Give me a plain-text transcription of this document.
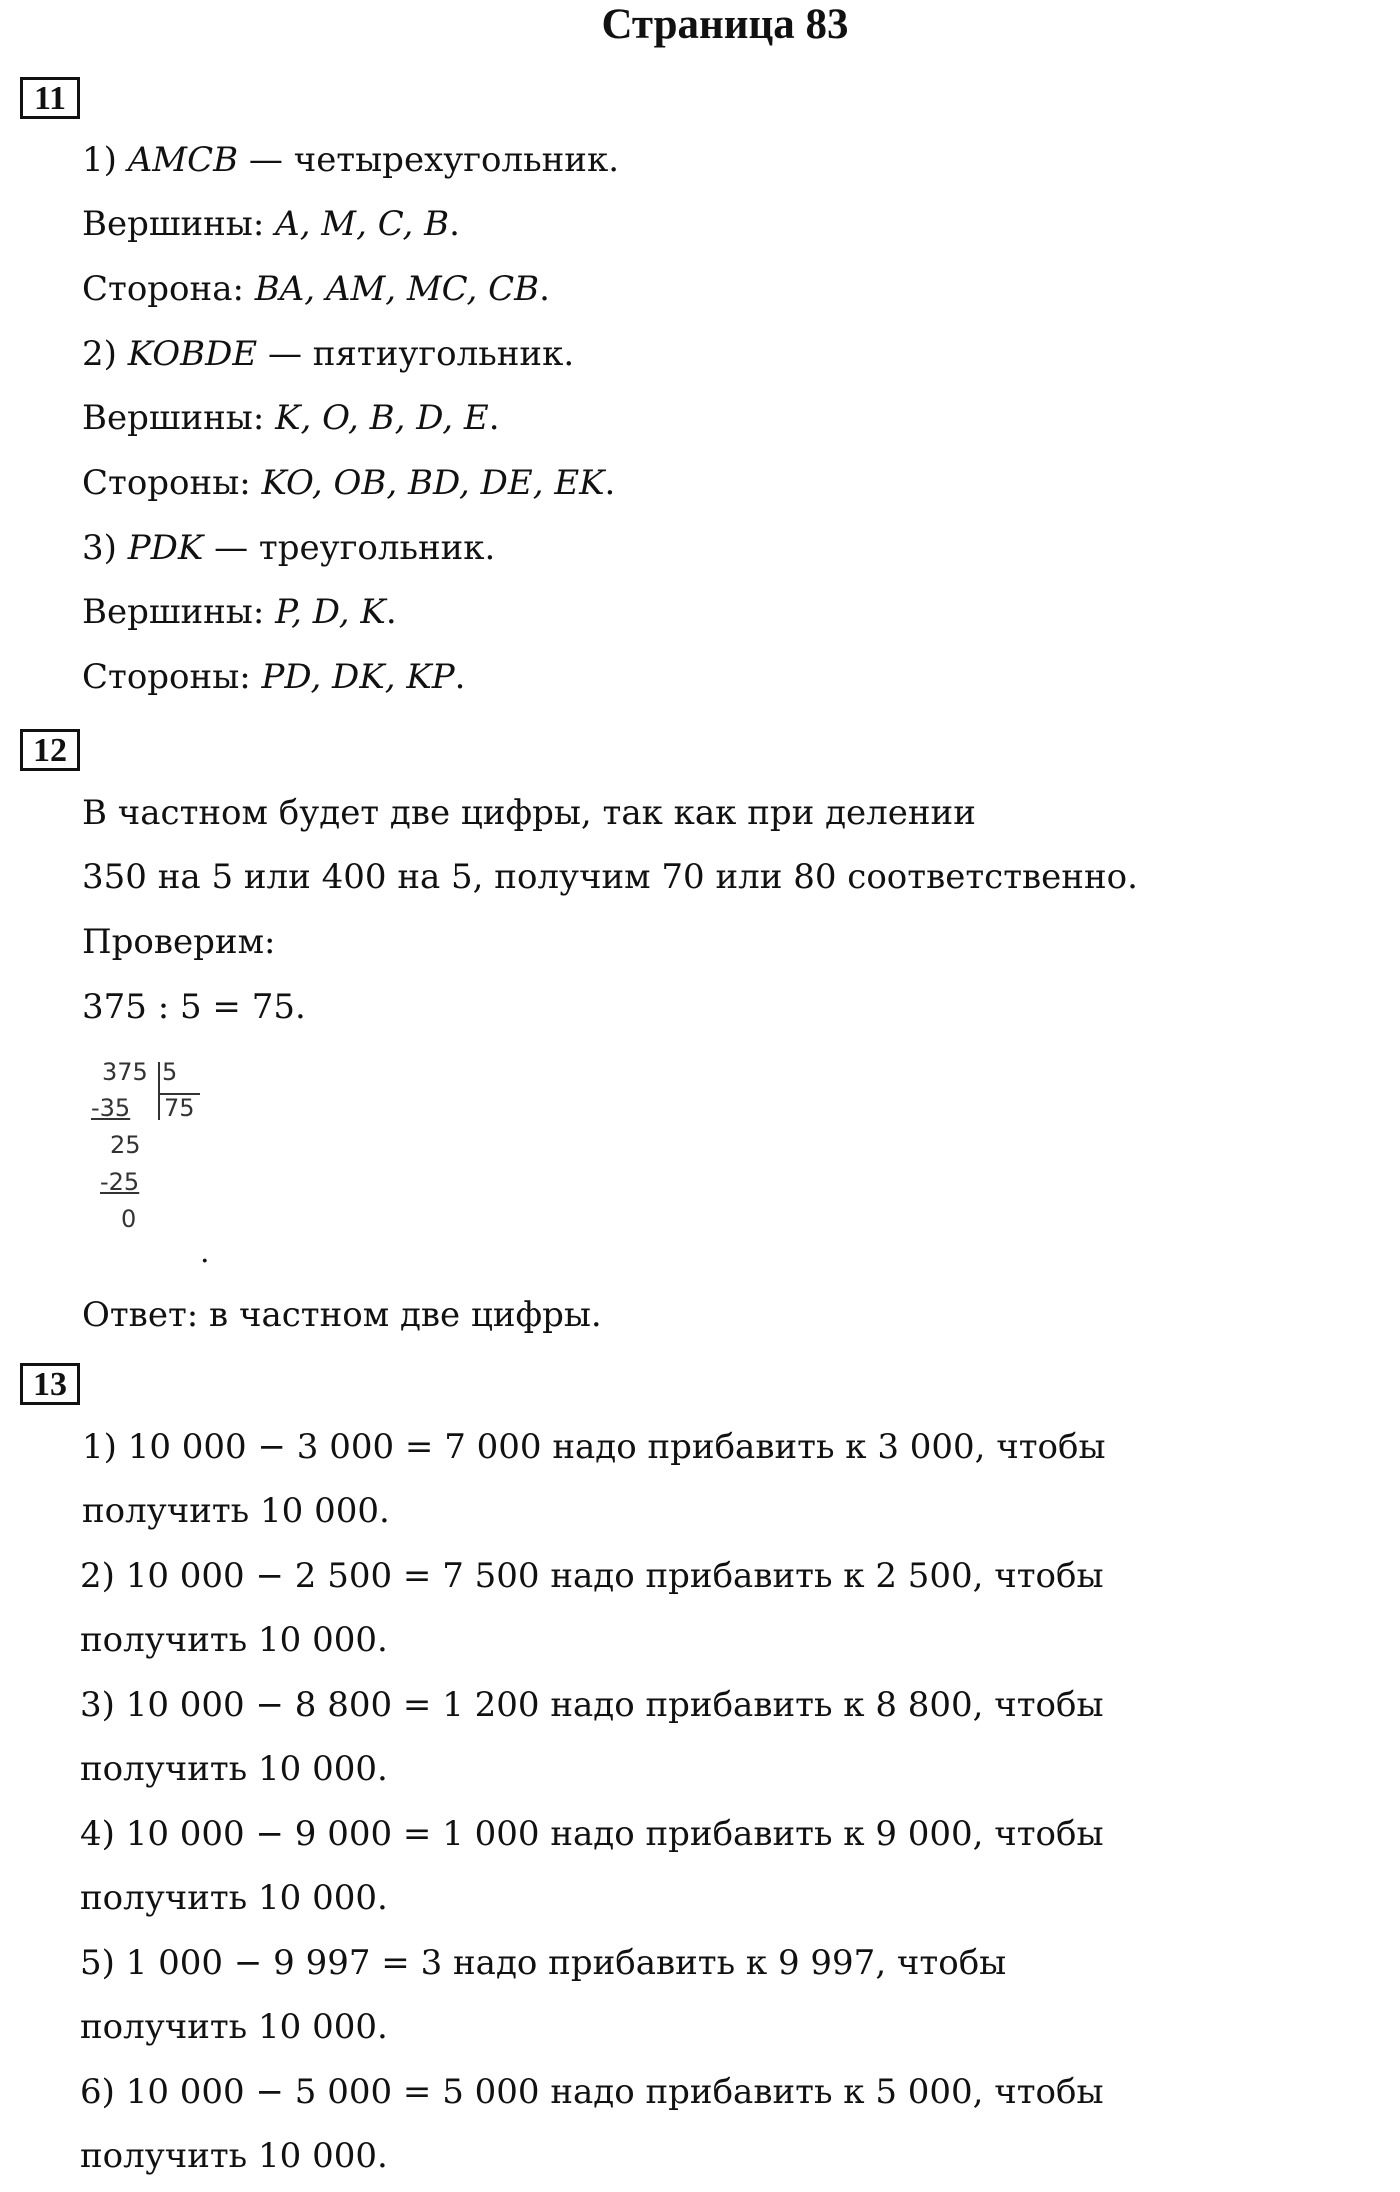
Страница 83
11
1) AMCB — четырехугольник.
Вершины: A, M, C, B.
Сторона: BA, AM, MC, CB.
2) KOBDE — пятиугольник.
Вершины: K, O, B, D, E.
Стороны: KO, OB, BD, DE, EK.
3) PDK — треугольник.
Вершины: P, D, K.
Стороны: PD, DK, KP.
12
В частном будет две цифры, так как при делении
350 на 5 или 400 на 5, получим 70 или 80 соответственно.
Проверим:
375 : 5 = 75.
375 5
75
-35
25
-25
0
.
Ответ: в частном две цифры.
13
1) 10 000 − 3 000 = 7 000 надо прибавить к 3 000, чтобы
получить 10 000.
2) 10 000 − 2 500 = 7 500 надо прибавить к 2 500, чтобы
получить 10 000.
3) 10 000 − 8 800 = 1 200 надо прибавить к 8 800, чтобы
получить 10 000.
4) 10 000 − 9 000 = 1 000 надо прибавить к 9 000, чтобы
получить 10 000.
5) 1 000 − 9 997 = 3 надо прибавить к 9 997, чтобы
получить 10 000.
6) 10 000 − 5 000 = 5 000 надо прибавить к 5 000, чтобы
получить 10 000.
